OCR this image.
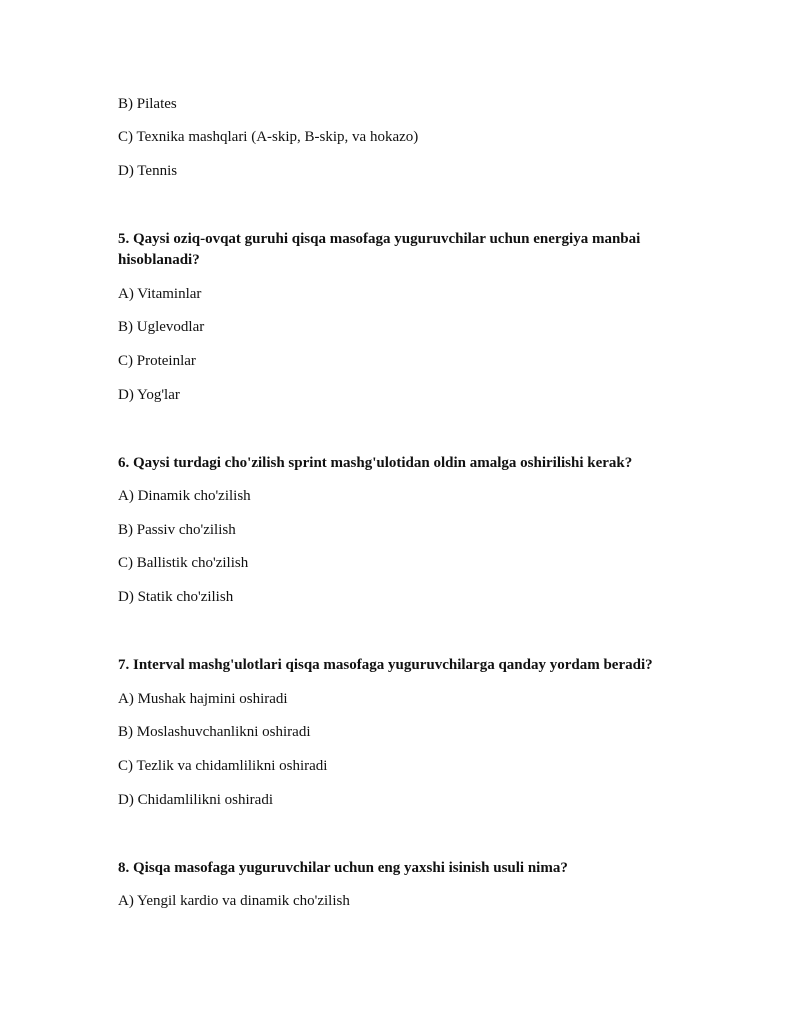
B) Pilates
C) Texnika mashqlari (A-skip, B-skip, va hokazo)
D) Tennis
5. Qaysi oziq-ovqat guruhi qisqa masofaga yuguruvchilar uchun energiya manbai hisoblanadi?
A) Vitaminlar
B) Uglevodlar
C) Proteinlar
D) Yog'lar
6. Qaysi turdagi cho'zilish sprint mashg'ulotidan oldin amalga oshirilishi kerak?
A) Dinamik cho'zilish
B) Passiv cho'zilish
C) Ballistik cho'zilish
D) Statik cho'zilish
7. Interval mashg'ulotlari qisqa masofaga yuguruvchilarga qanday yordam beradi?
A) Mushak hajmini oshiradi
B) Moslashuvchanlikni oshiradi
C) Tezlik va chidamlilikni oshiradi
D) Chidamlilikni oshiradi
8. Qisqa masofaga yuguruvchilar uchun eng yaxshi isinish usuli nima?
A) Yengil kardio va dinamik cho'zilish
